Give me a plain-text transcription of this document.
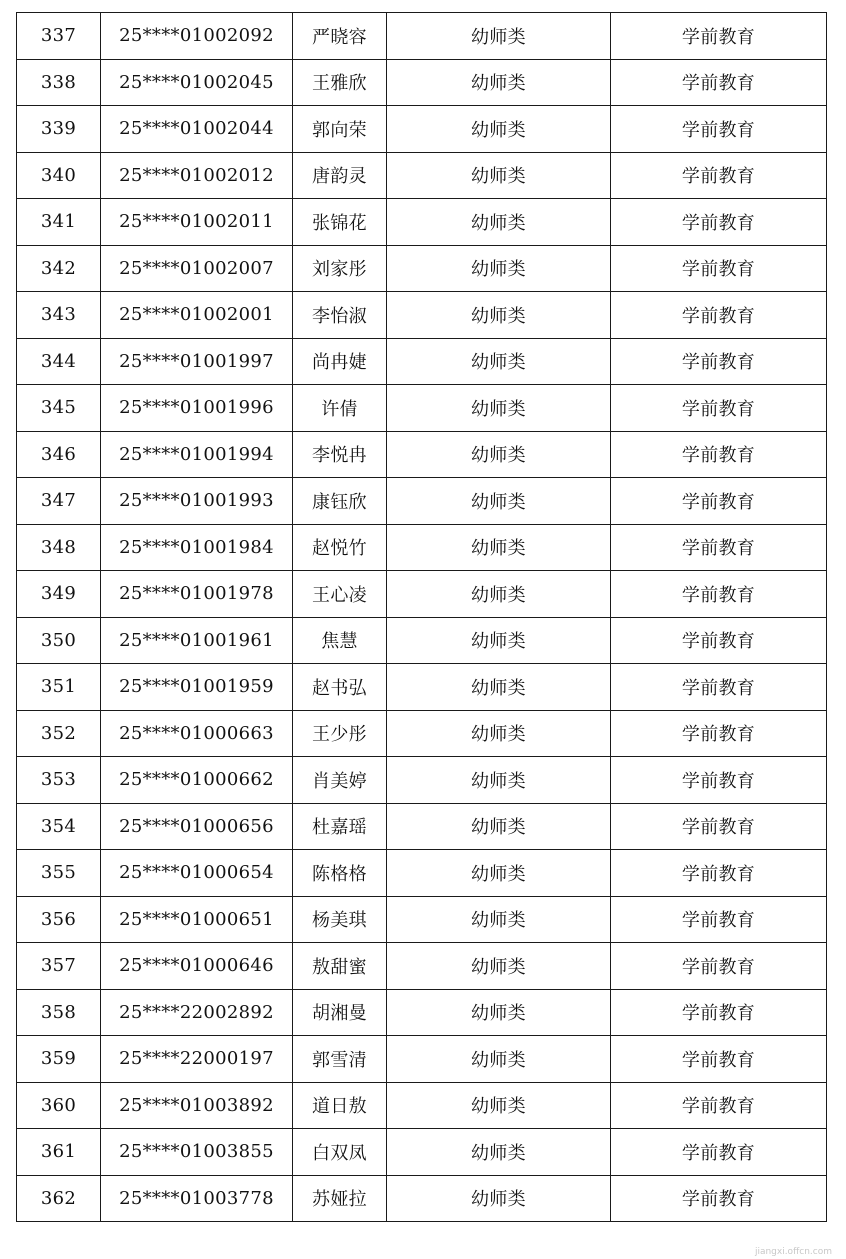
337	25****01002092	严晓容	幼师类	学前教育
338	25****01002045	王雅欣	幼师类	学前教育
339	25****01002044	郭向荣	幼师类	学前教育
340	25****01002012	唐韵灵	幼师类	学前教育
341	25****01002011	张锦花	幼师类	学前教育
342	25****01002007	刘家彤	幼师类	学前教育
343	25****01002001	李怡淑	幼师类	学前教育
344	25****01001997	尚冉婕	幼师类	学前教育
345	25****01001996	许倩	幼师类	学前教育
346	25****01001994	李悦冉	幼师类	学前教育
347	25****01001993	康钰欣	幼师类	学前教育
348	25****01001984	赵悦竹	幼师类	学前教育
349	25****01001978	王心凌	幼师类	学前教育
350	25****01001961	焦慧	幼师类	学前教育
351	25****01001959	赵书弘	幼师类	学前教育
352	25****01000663	王少彤	幼师类	学前教育
353	25****01000662	肖美婷	幼师类	学前教育
354	25****01000656	杜嘉瑶	幼师类	学前教育
355	25****01000654	陈格格	幼师类	学前教育
356	25****01000651	杨美琪	幼师类	学前教育
357	25****01000646	敖甜蜜	幼师类	学前教育
358	25****22002892	胡湘曼	幼师类	学前教育
359	25****22000197	郭雪清	幼师类	学前教育
360	25****01003892	道日敖	幼师类	学前教育
361	25****01003855	白双凤	幼师类	学前教育
362	25****01003778	苏娅拉	幼师类	学前教育
jiangxi.offcn.com
